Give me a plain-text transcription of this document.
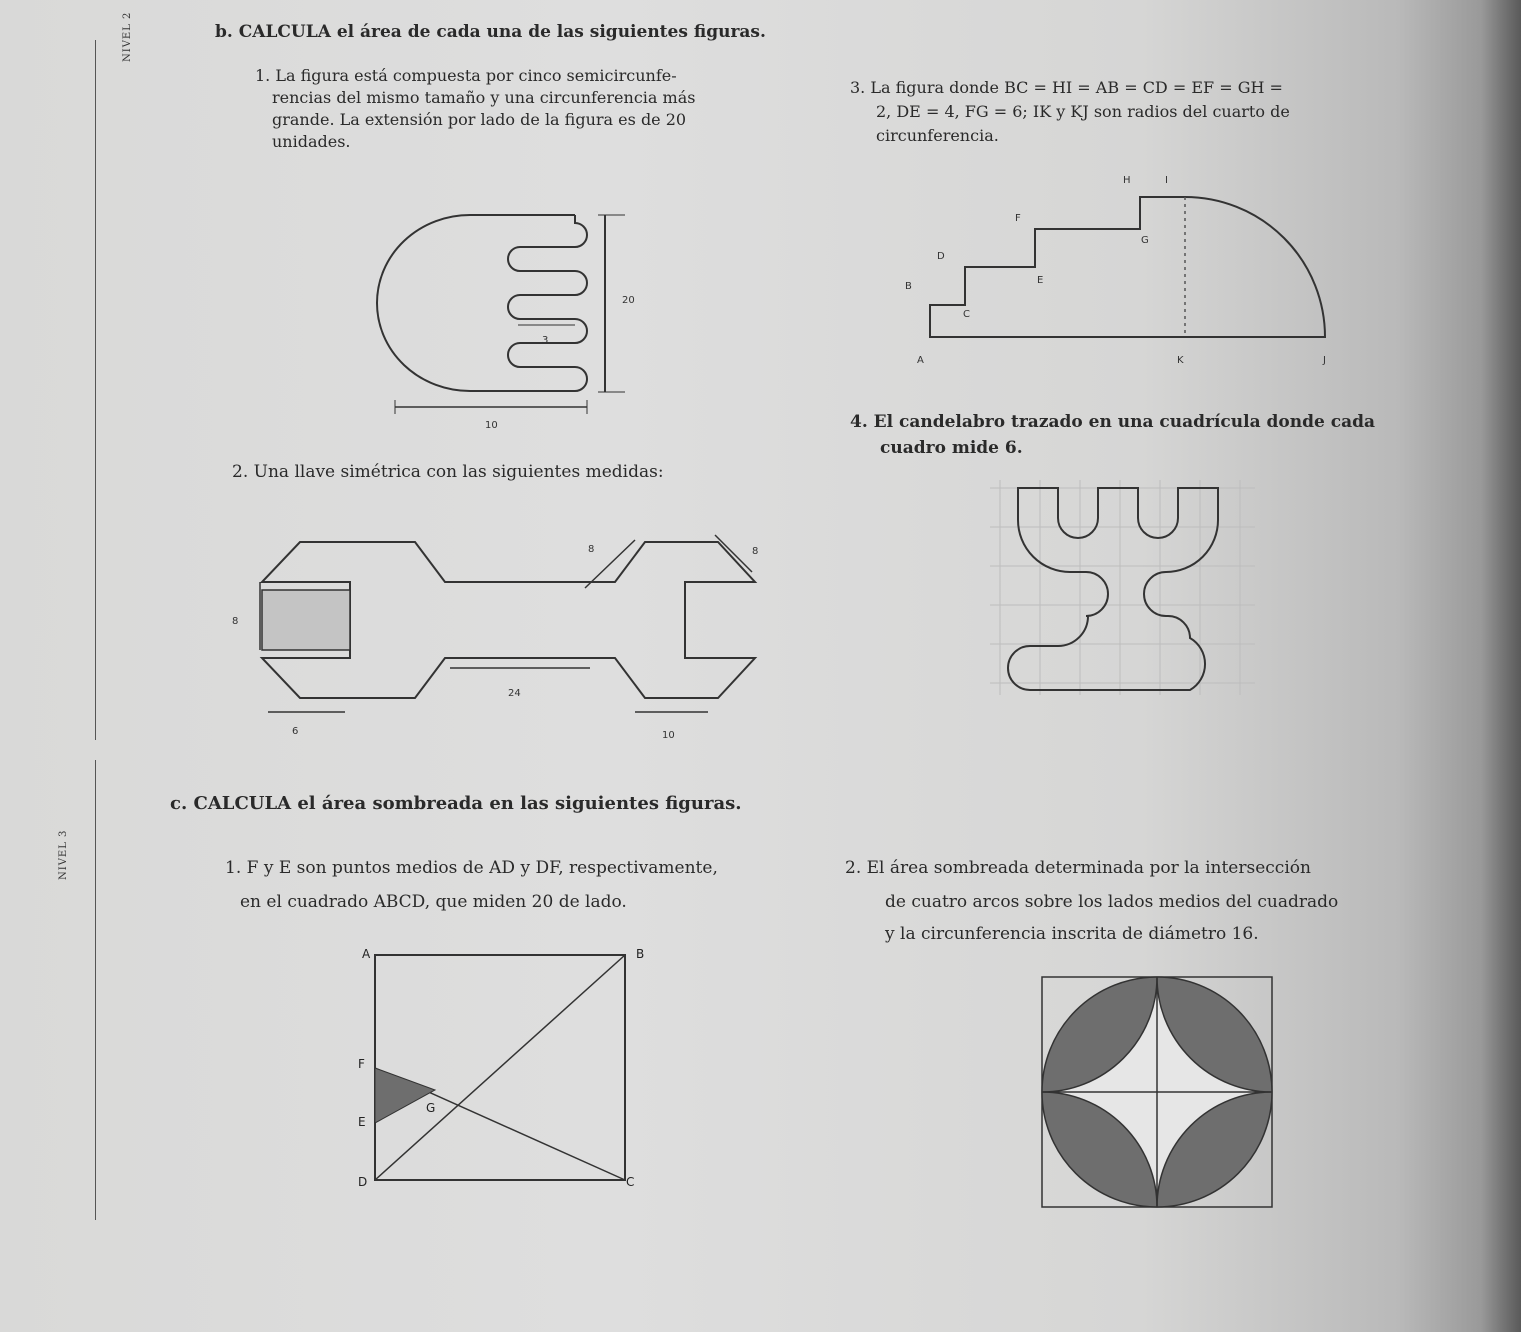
NIVEL 2
NIVEL 3
b. CALCULA el área de cada una de las siguientes figuras.
1. La figura está compuesta por cinco semicircunfe-
rencias del mismo tamaño y una circunferencia más
grande. La extensión por lado de la figura es de 20
unidades.
20
10
3
2. Una llave simétrica con las siguientes medidas:
8
8	8
24
6	10
3. La figura donde BC = HI = AB = CD = EF = GH =
2, DE = 4, FG = 6; IK y KJ son radios del cuarto de
circunferencia.
H	I
F
G
D
E
B
C
A	K	J
4. El candelabro trazado en una cuadrícula donde cada
cuadro mide 6.
c. CALCULA el área sombreada en las siguientes figuras.
1. F y E son puntos medios de AD y DF, respectivamente,
en el cuadrado ABCD, que miden 20 de lado.
A	B
D	C
F
E
G
2. El área sombreada determinada por la intersección
de cuatro arcos sobre los lados medios del cuadrado
y la circunferencia inscrita de diámetro 16.
